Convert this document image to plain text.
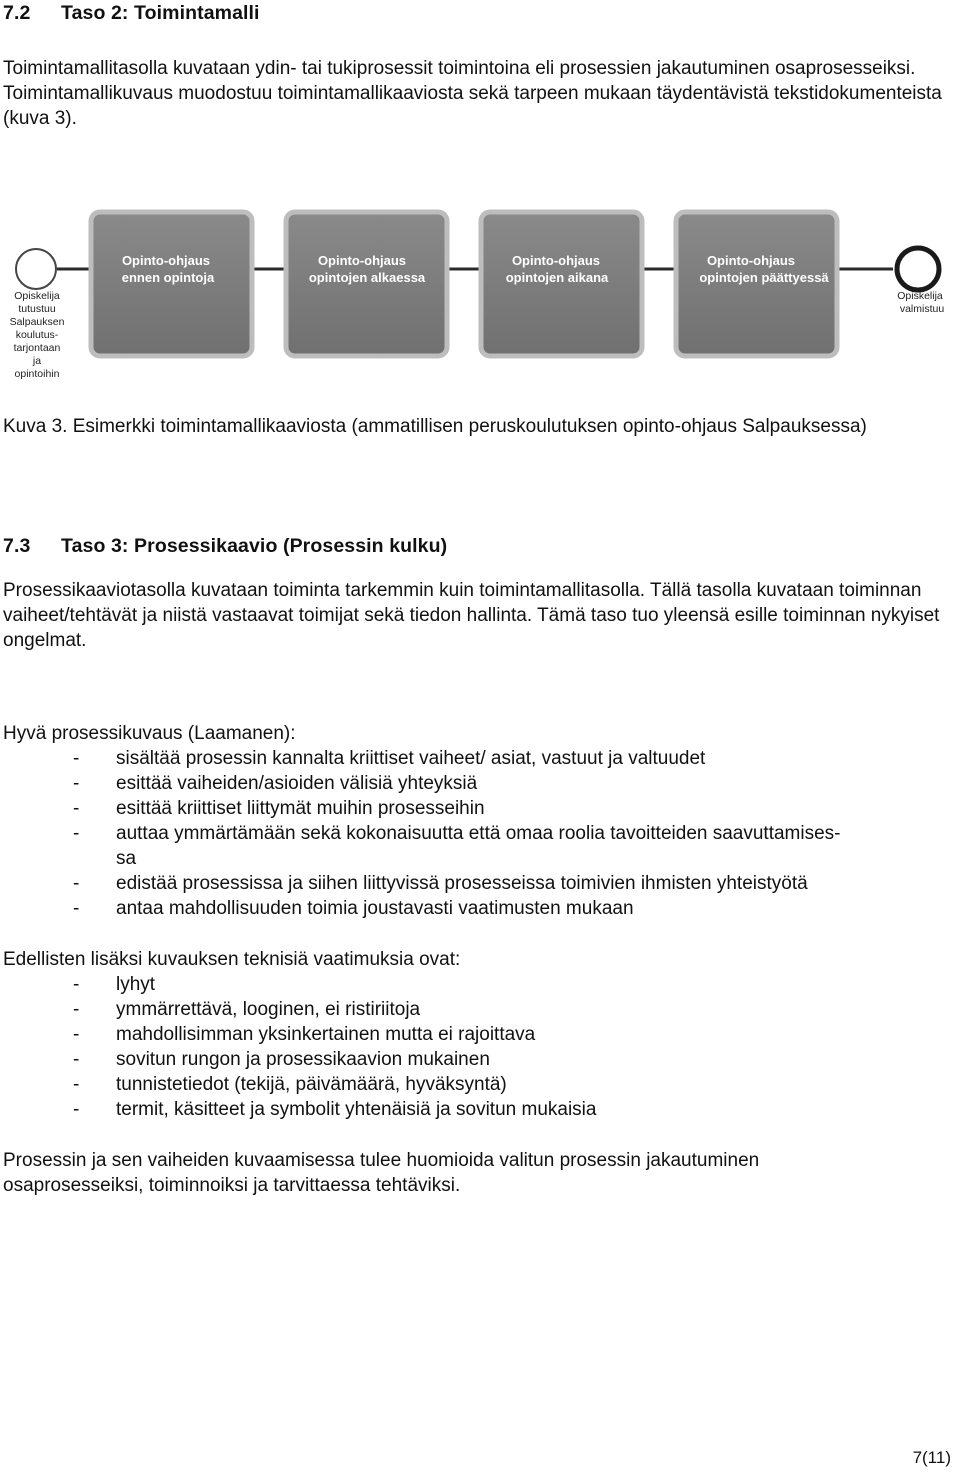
7.2 Taso 2: Toimintamalli

Toimintamallitasolla kuvataan ydin- tai tukiprosessit toimintoina eli prosessien jakautuminen osaprosesseiksi. Toimintamallikuvaus muodostuu toimintamallikaaviosta sekä tarpeen mukaan täydentävistä tekstidokumenteista (kuva 3).

Opinto-ohjaus
ennen opintoja
Opinto-ohjaus
opintojen alkaessa
Opinto-ohjaus
opintojen aikana
Opinto-ohjaus
opintojen päättyessä
Opiskelija
tutustuu
Salpauksen
koulutus-
tarjontaan
ja
opintoihin
Opiskelija
valmistuu

Kuva 3. Esimerkki toimintamallikaaviosta (ammatillisen peruskoulutuksen opinto-ohjaus Salpauksessa)

7.3 Taso 3: Prosessikaavio (Prosessin kulku)

Prosessikaaviotasolla kuvataan toiminta tarkemmin kuin toimintamallitasolla. Tällä tasolla kuvataan toiminnan vaiheet/tehtävät ja niistä vastaavat toimijat sekä tiedon hallinta. Tämä taso tuo yleensä esille toiminnan nykyiset ongelmat.

Hyvä prosessikuvaus (Laamanen):

- sisältää prosessin kannalta kriittiset vaiheet/ asiat, vastuut ja valtuudet
- esittää vaiheiden/asioiden välisiä yhteyksiä
- esittää kriittiset liittymät muihin prosesseihin
- auttaa ymmärtämään sekä kokonaisuutta että omaa roolia tavoitteiden saavuttamises-
sa
- edistää prosessissa ja siihen liittyvissä prosesseissa toimivien ihmisten yhteistyötä
- antaa mahdollisuuden toimia joustavasti vaatimusten mukaan

Edellisten lisäksi kuvauksen teknisiä vaatimuksia ovat:

- lyhyt
- ymmärrettävä, looginen, ei ristiriitoja
- mahdollisimman yksinkertainen mutta ei rajoittava
- sovitun rungon ja prosessikaavion mukainen
- tunnistetiedot (tekijä, päivämäärä, hyväksyntä)
- termit, käsitteet ja symbolit yhtenäisiä ja sovitun mukaisia

Prosessin ja sen vaiheiden kuvaamisessa tulee huomioida valitun prosessin jakautuminen osaprosesseiksi, toiminnoiksi ja tarvittaessa tehtäviksi.

7(11)
